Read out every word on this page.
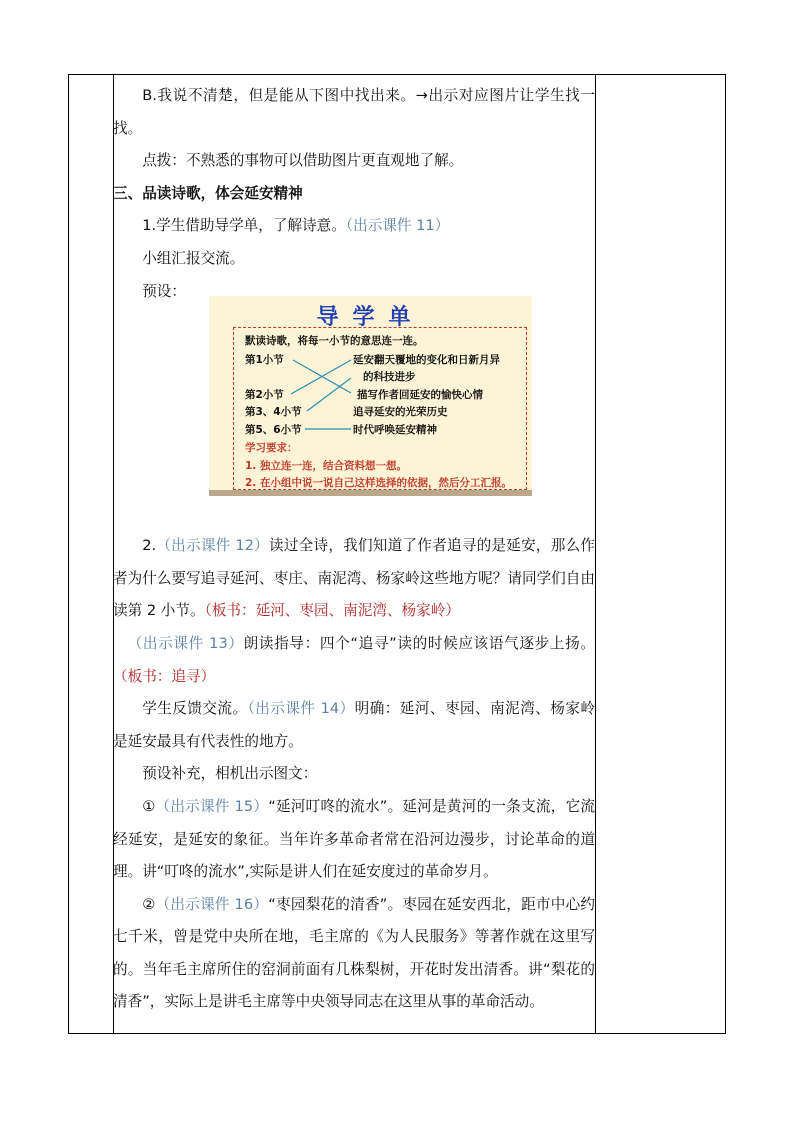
B.我说不清楚，但是能从下图中找出来。→出示对应图片让学生找一找。

点拨：不熟悉的事物可以借助图片更直观地了解。

三、品读诗歌，体会延安精神

1.学生借助导学单，了解诗意。（出示课件 11）

小组汇报交流。

预设：

2.（出示课件 12）读过全诗，我们知道了作者追寻的是延安，那么作者为什么要写追寻延河、枣庄、南泥湾、杨家岭这些地方呢？请同学们自由读第 2 小节。（板书：延河、枣园、南泥湾、杨家岭）

（出示课件 13）朗读指导：四个“追寻”读的时候应该语气逐步上扬。（板书：追寻）

学生反馈交流。（出示课件 14）明确：延河、枣园、南泥湾、杨家岭是延安最具有代表性的地方。

预设补充，相机出示图文：

①（出示课件 15）“延河叮咚的流水”。延河是黄河的一条支流，它流经延安，是延安的象征。当年许多革命者常在沿河边漫步，讨论革命的道理。讲“叮咚的流水”,实际是讲人们在延安度过的革命岁月。

②（出示课件 16）“枣园梨花的清香”。枣园在延安西北，距市中心约七千米，曾是党中央所在地，毛主席的《为人民服务》等著作就在这里写的。当年毛主席所住的窑洞前面有几株梨树，开花时发出清香。讲“梨花的清香”，实际上是讲毛主席等中央领导同志在这里从事的革命活动。

导学单
默读诗歌，将每一小节的意思连一连。
第1小节
第2小节
第3、4小节
第5、6小节
延安翻天覆地的变化和日新月异
的科技进步
描写作者回延安的愉快心情
追寻延安的光荣历史
时代呼唤延安精神
学习要求：
1. 独立连一连，结合资料想一想。
2. 在小组中说一说自己这样选择的依据，然后分工汇报。
